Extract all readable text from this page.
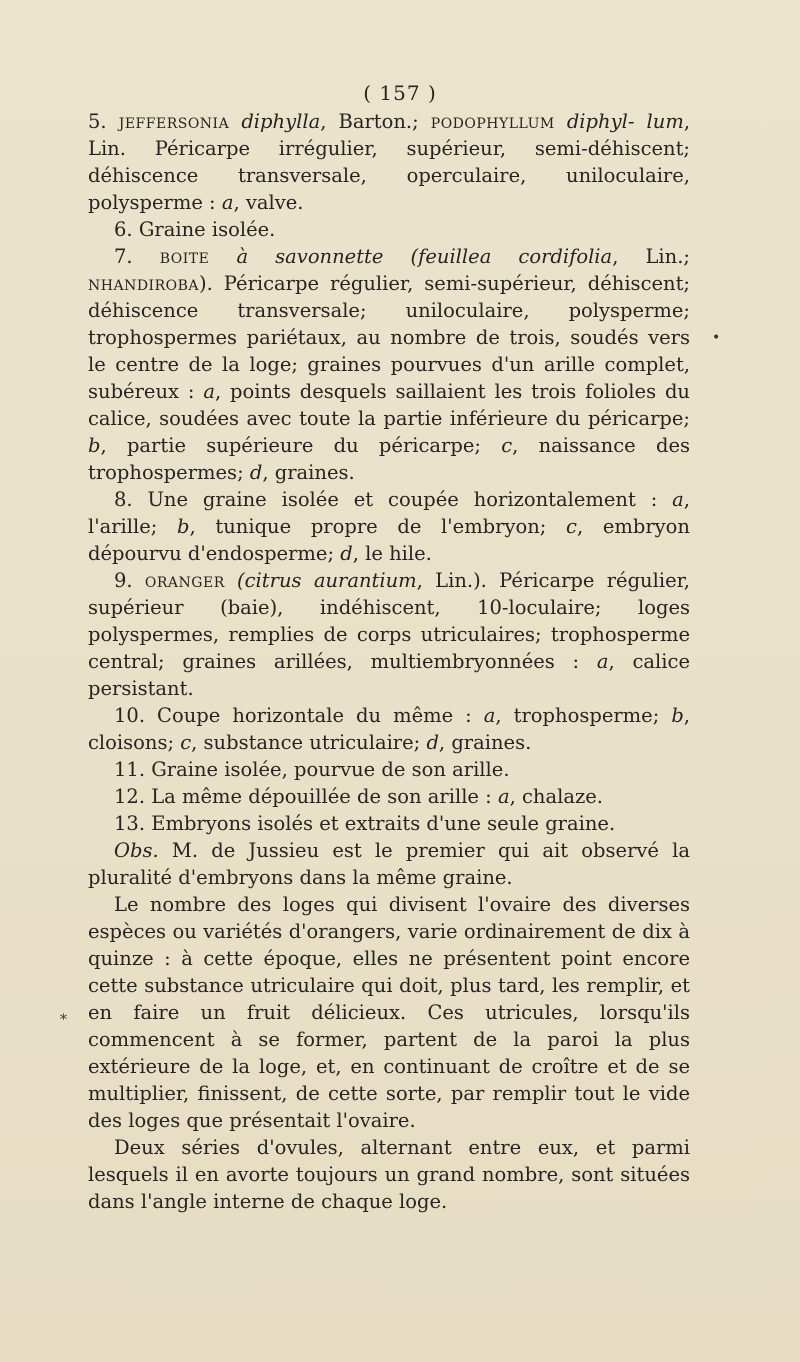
( 157 )
•
*

5. jeffersonia diphylla, Barton.; podophyllum diphyl- lum, Lin. Péricarpe irrégulier, supérieur, semi-déhiscent; déhiscence transversale, operculaire, uniloculaire, polysperme : a, valve.

6. Graine isolée.

7. boite à savonnette (feuillea cordifolia, Lin.; nhandiroba). Péricarpe régulier, semi-supérieur, déhiscent; déhiscence transversale; uniloculaire, polysperme; trophospermes pariétaux, au nombre de trois, soudés vers le centre de la loge; graines pourvues d'un arille complet, subéreux : a, points desquels saillaient les trois folioles du calice, soudées avec toute la partie inférieure du péricarpe; b, partie supérieure du péricarpe; c, naissance des trophospermes; d, graines.

8. Une graine isolée et coupée horizontalement : a, l'arille; b, tunique propre de l'embryon; c, embryon dépourvu d'endosperme; d, le hile.

9. oranger (citrus aurantium, Lin.). Péricarpe régulier, supérieur (baie), indéhiscent, 10-loculaire; loges polyspermes, remplies de corps utriculaires; trophosperme central; graines arillées, multiembryonnées : a, calice persistant.

10. Coupe horizontale du même : a, trophosperme; b, cloisons; c, substance utriculaire; d, graines.

11. Graine isolée, pourvue de son arille.

12. La même dépouillée de son arille : a, chalaze.

13. Embryons isolés et extraits d'une seule graine.

Obs. M. de Jussieu est le premier qui ait observé la pluralité d'embryons dans la même graine.

Le nombre des loges qui divisent l'ovaire des diverses espèces ou variétés d'orangers, varie ordinairement de dix à quinze : à cette époque, elles ne présentent point encore cette substance utriculaire qui doit, plus tard, les remplir, et en faire un fruit délicieux. Ces utricules, lorsqu'ils commencent à se former, partent de la paroi la plus extérieure de la loge, et, en continuant de croître et de se multiplier, finissent, de cette sorte, par remplir tout le vide des loges que présentait l'ovaire.

Deux séries d'ovules, alternant entre eux, et parmi lesquels il en avorte toujours un grand nombre, sont situées dans l'angle interne de chaque loge.
